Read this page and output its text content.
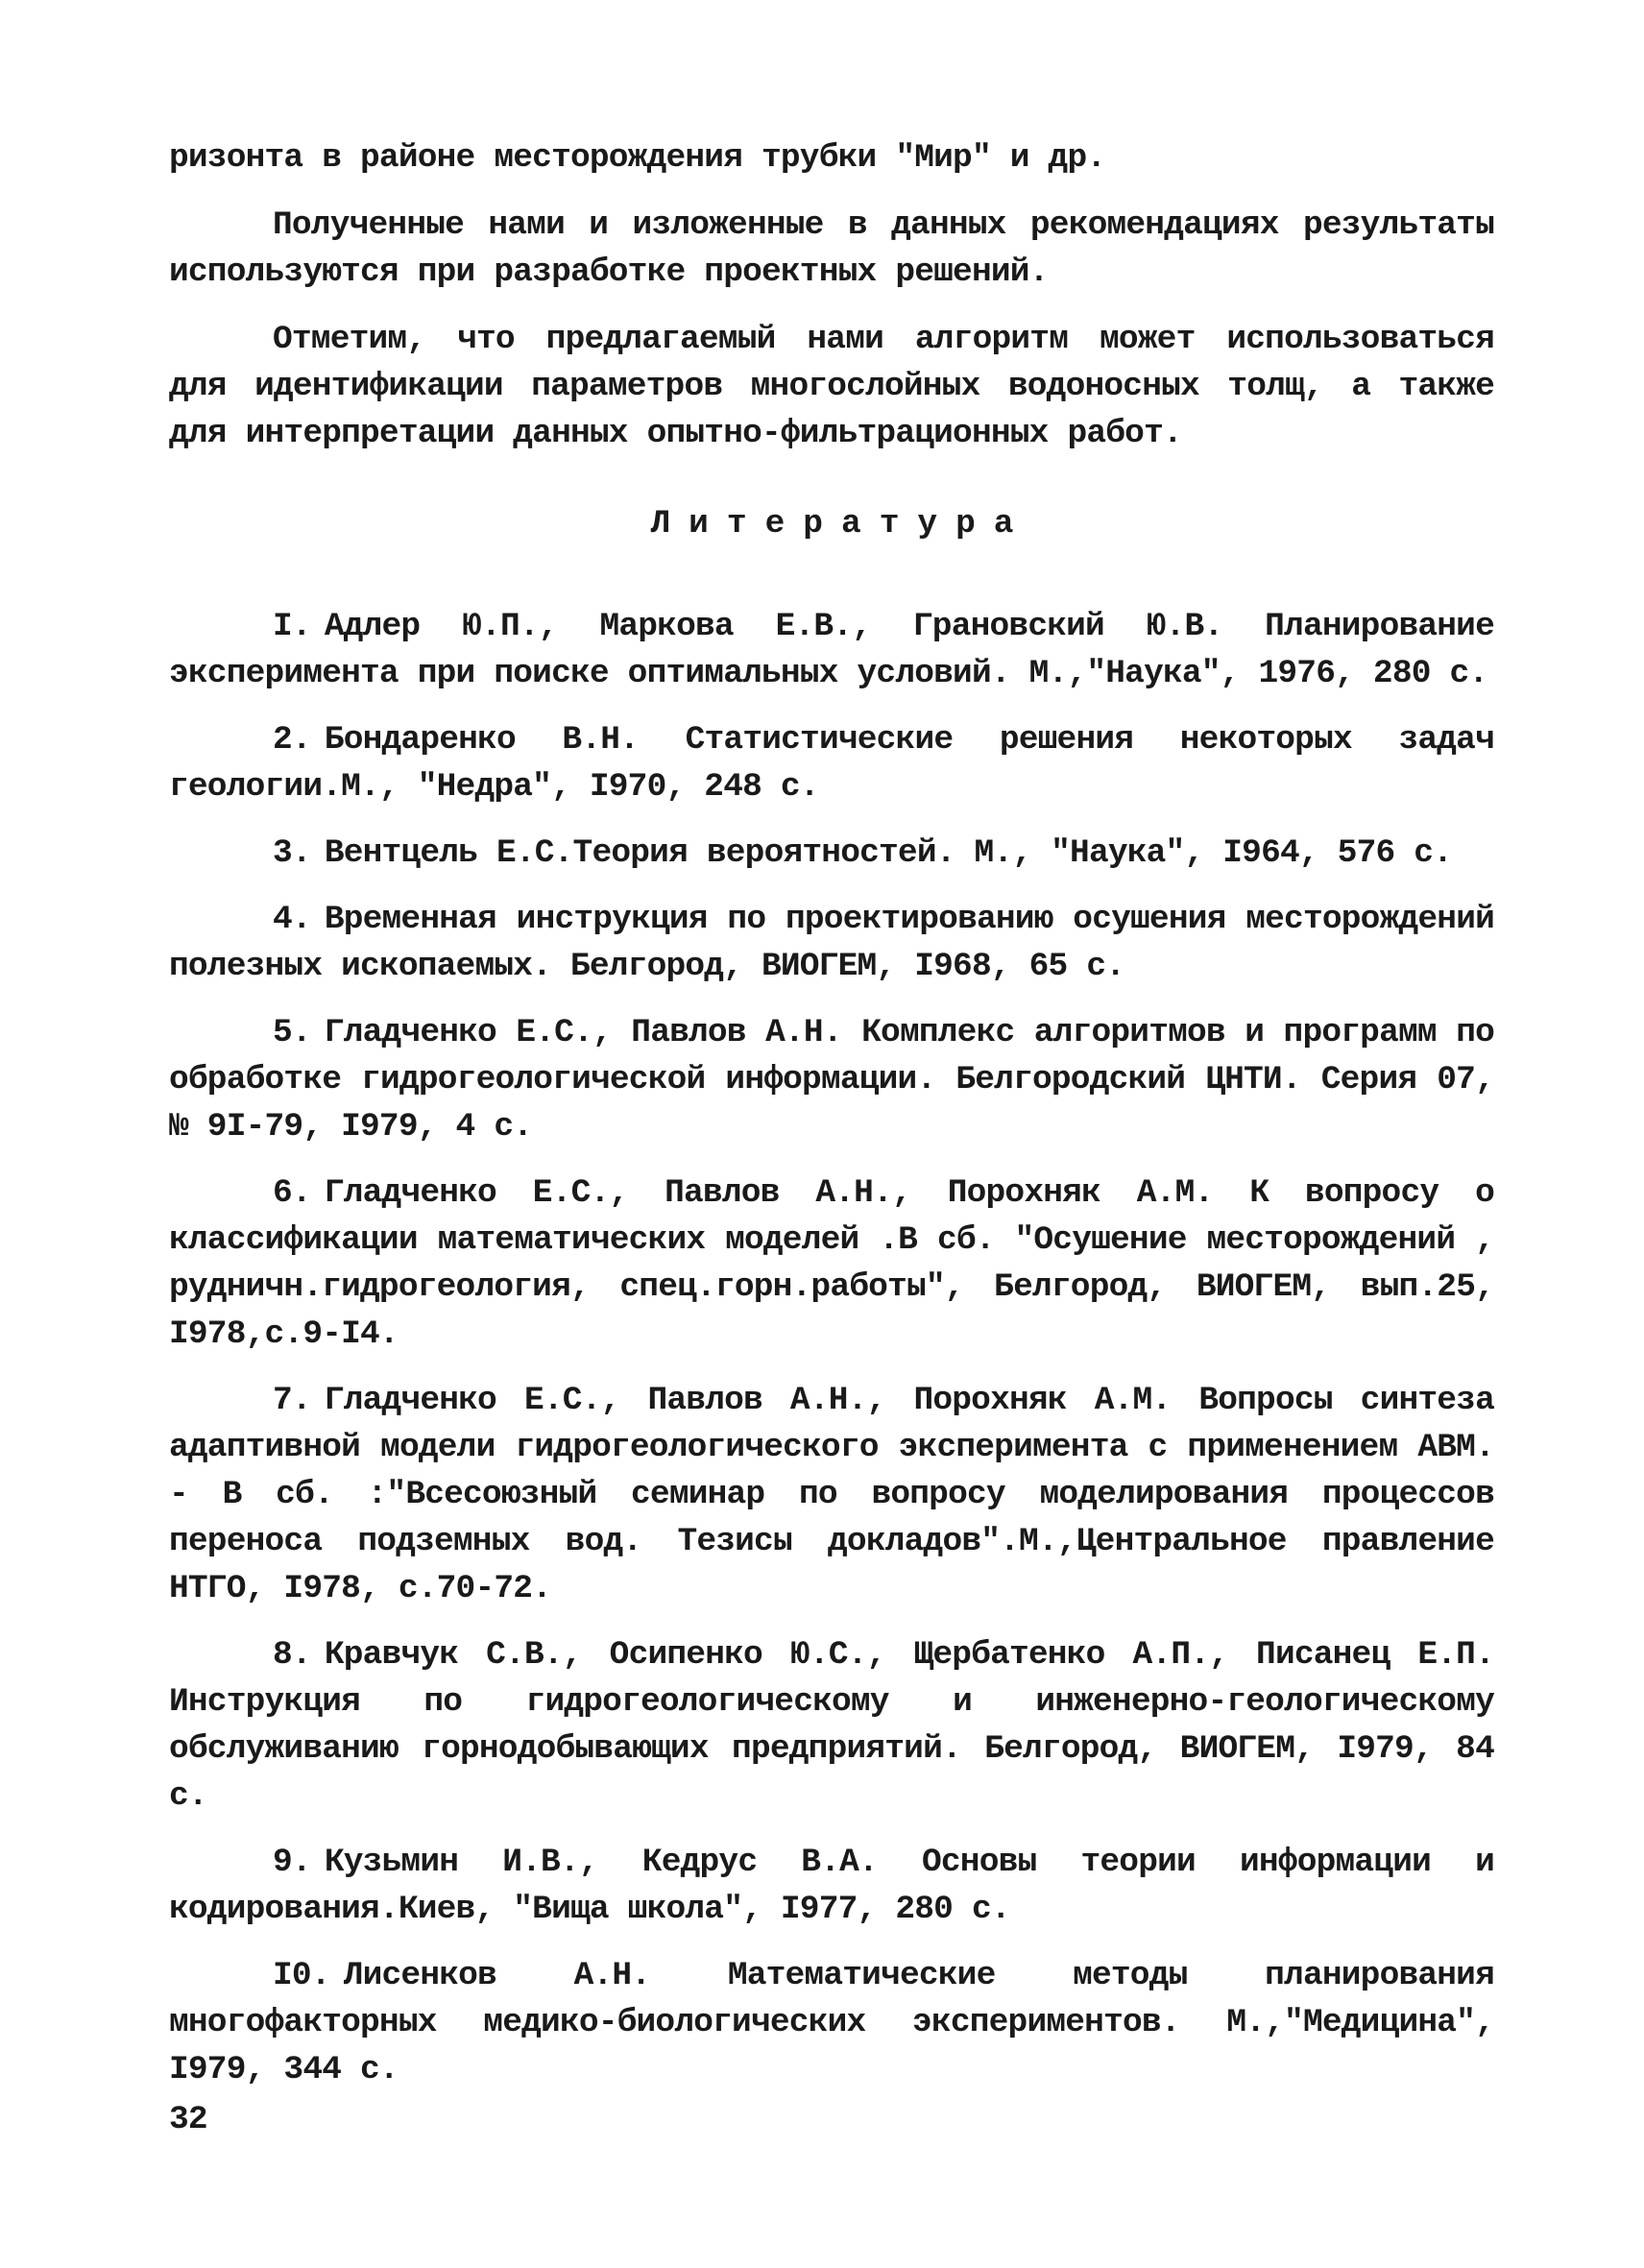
ризонта в районе месторождения трубки "Мир" и др.

Полученные нами и изложенные в данных рекомендациях результаты используются при разработке проектных решений.

Отметим, что предлагаемый нами алгоритм может использоваться для идентификации параметров многослойных водоносных толщ, а также для интерпретации данных опытно-фильтрационных работ.

Литература
I. Адлер Ю.П., Маркова Е.В., Грановский Ю.В. Планирование эксперимента при поиске оптимальных условий. М.,"Наука", 1976, 280 с.
2. Бондаренко В.Н. Статистические решения некоторых задач геологии.М., "Недра", I970, 248 с.
3. Вентцель Е.С.Теория вероятностей. М., "Наука", I964, 576 с.
4. Временная инструкция по проектированию осушения месторождений полезных ископаемых. Белгород, ВИОГЕМ, I968, 65 с.
5. Гладченко Е.С., Павлов А.Н. Комплекс алгоритмов и программ по обработке гидрогеологической информации. Белгородский ЦНТИ. Серия 07, № 9I-79, I979, 4 с.
6. Гладченко Е.С., Павлов А.Н., Порохняк А.М. К вопросу о классификации математических моделей .В сб. "Осушение месторождений , рудничн.гидрогеология, спец.горн.работы", Белгород, ВИОГЕМ, вып.25, I978,с.9-I4.
7. Гладченко Е.С., Павлов А.Н., Порохняк А.М. Вопросы синтеза адаптивной модели гидрогеологического эксперимента с применением АВМ. - В сб. :"Всесоюзный семинар по вопросу моделирования процессов переноса подземных вод. Тезисы докладов".М.,Центральное правление НТГО, I978, с.70-72.
8. Кравчук С.В., Осипенко Ю.С., Щербатенко А.П., Писанец Е.П. Инструкция по гидрогеологическому и инженерно-геологическому обслуживанию горнодобывающих предприятий. Белгород, ВИОГЕМ, I979, 84 с.
9. Кузьмин И.В., Кедрус В.А. Основы теории информации и кодирования.Киев, "Вища школа", I977, 280 с.
I0. Лисенков А.Н. Математические методы планирования многофакторных медико-биологических экспериментов. М.,"Медицина", I979, 344 с.
32
